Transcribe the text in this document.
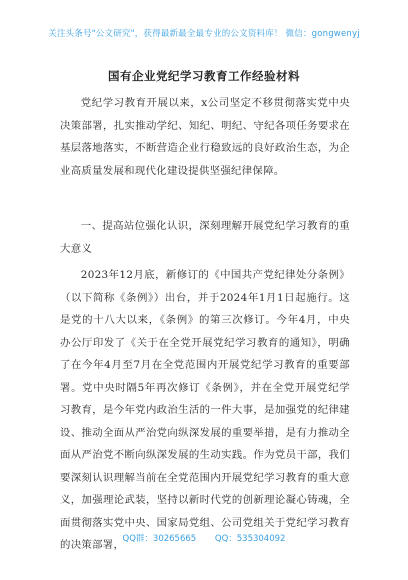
关注头条号"公文研究"，获得最新最全最专业的公文资料库！ 微信：gongwenyj
国有企业党纪学习教育工作经验材料

党纪学习教育开展以来，x公司坚定不移贯彻落实党中央决策部署，扎实推动学纪、知纪、明纪、守纪各项任务要求在基层落地落实，不断营造企业行稳致远的良好政治生态，为企业高质量发展和现代化建设提供坚强纪律保障。

一、提高站位强化认识，深刻理解开展党纪学习教育的重大意义

2023年12月底，新修订的《中国共产党纪律处分条例》（以下简称《条例》）出台，并于2024年1月1日起施行。这是党的十八大以来，《条例》的第三次修订。今年4月，中央办公厅印发了《关于在全党开展党纪学习教育的通知》，明确了在今年4月至7月在全党范围内开展党纪学习教育的重要部署。党中央时隔5年再次修订《条例》，并在全党开展党纪学习教育，是今年党内政治生活的一件大事，是加强党的纪律建设、推动全面从严治党向纵深发展的重要举措，是有力推动全面从严治党不断向纵深发展的生动实践。作为党员干部，我们要深刻认识理解当前在全党范围内开展党纪学习教育的重大意义，加强理论武装，坚持以新时代党的创新理论凝心铸魂，全面贯彻落实党中央、国家局党组、公司党组关于党纪学习教育的决策部署，

QQ群：30265665 QQ：535304092
